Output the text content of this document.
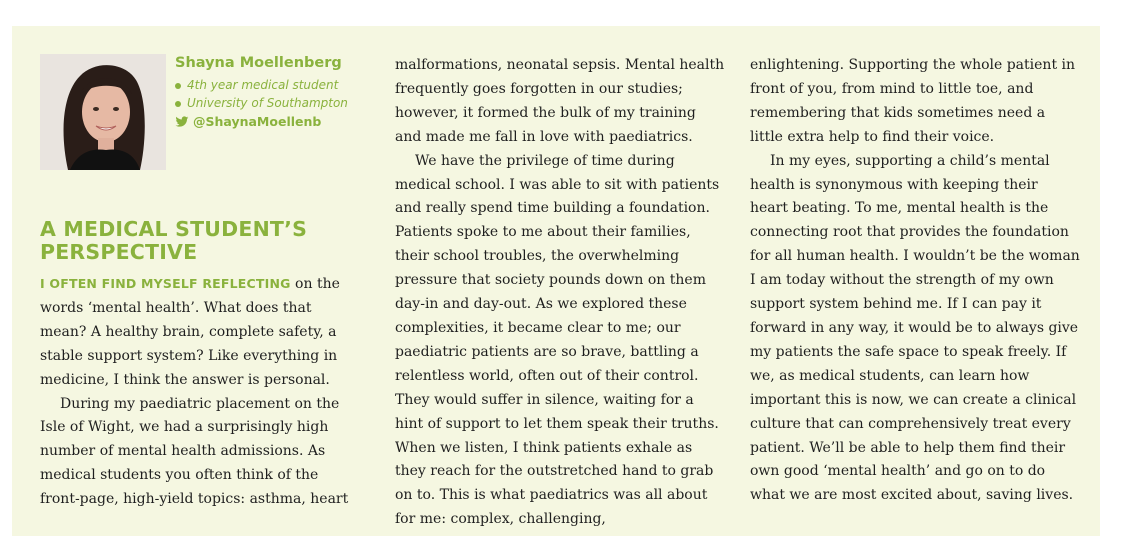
Shayna Moellenberg

4th year medical student
University of Southampton
@ShaynaMoellenb
A MEDICAL STUDENT’S PERSPECTIVE

I OFTEN FIND MYSELF REFLECTING on the words ‘mental health’. What does that mean? A healthy brain, complete safety, a stable support system? Like everything in medicine, I think the answer is personal.

During my paediatric placement on the Isle of Wight, we had a surprisingly high number of mental health admissions. As medical students you often think of the front-page, high-yield topics: asthma, heart

malformations, neonatal sepsis. Mental health frequently goes forgotten in our studies; however, it formed the bulk of my training and made me fall in love with paediatrics.

We have the privilege of time during medical school. I was able to sit with patients and really spend time building a foundation. Patients spoke to me about their families, their school troubles, the overwhelming pressure that society pounds down on them day-in and day-out. As we explored these complexities, it became clear to me; our paediatric patients are so brave, battling a relentless world, often out of their control. They would suffer in silence, waiting for a hint of support to let them speak their truths. When we listen, I think patients exhale as they reach for the outstretched hand to grab on to. This is what paediatrics was all about for me: complex, challenging,

enlightening. Supporting the whole patient in front of you, from mind to little toe, and remembering that kids sometimes need a little extra help to find their voice.

In my eyes, supporting a child’s mental health is synonymous with keeping their heart beating. To me, mental health is the connecting root that provides the foundation for all human health. I wouldn’t be the woman I am today without the strength of my own support system behind me. If I can pay it forward in any way, it would be to always give my patients the safe space to speak freely. If we, as medical students, can learn how important this is now, we can create a clinical culture that can comprehensively treat every patient. We’ll be able to help them find their own good ‘mental health’ and go on to do what we are most excited about, saving lives.
